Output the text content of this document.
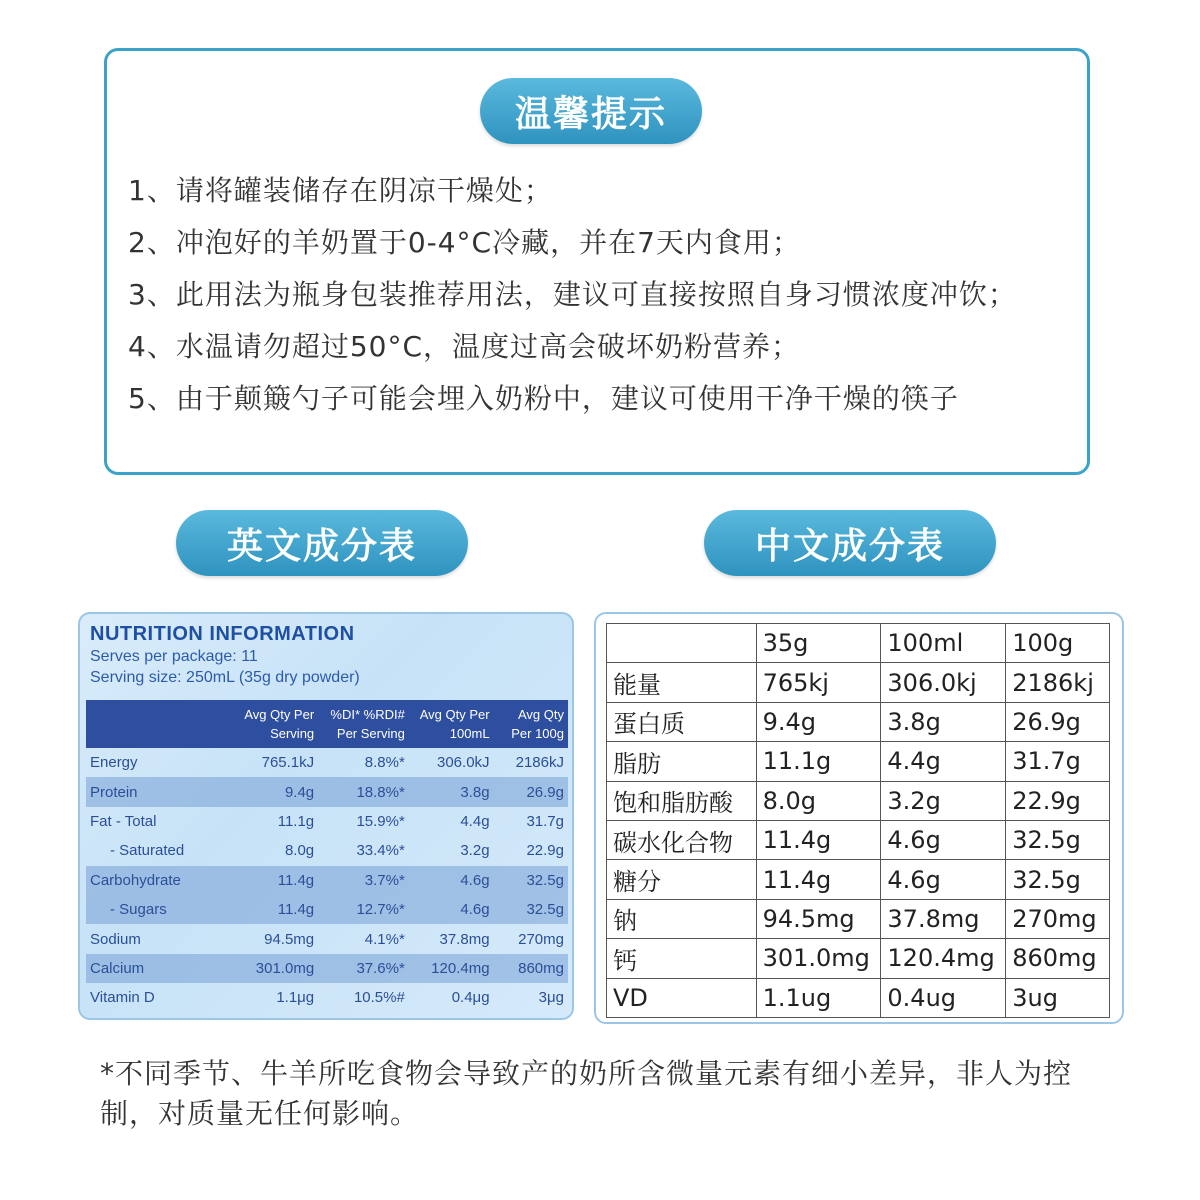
温馨提示
1、请将罐装储存在阴凉干燥处；
2、冲泡好的羊奶置于0-4°C冷藏，并在7天内食用；
3、此用法为瓶身包装推荐用法，建议可直接按照自身习惯浓度冲饮；
4、水温请勿超过50°C，温度过高会破坏奶粉营养；
5、由于颠簸勺子可能会埋入奶粉中，建议可使用干净干燥的筷子
英文成分表	中文成分表
NUTRITION INFORMATION
Serves per package: 11
Serving size: 250mL (35g dry powder)
	Avg Qty Per Serving	%DI* %RDI# Per Serving	Avg Qty Per 100mL	Avg Qty Per 100g
Energy	765.1kJ	8.8%*	306.0kJ	2186kJ
Protein	9.4g	18.8%*	3.8g	26.9g
Fat - Total	11.1g	15.9%*	4.4g	31.7g
- Saturated	8.0g	33.4%*	3.2g	22.9g
Carbohydrate	11.4g	3.7%*	4.6g	32.5g
- Sugars	11.4g	12.7%*	4.6g	32.5g
Sodium	94.5mg	4.1%*	37.8mg	270mg
Calcium	301.0mg	37.6%*	120.4mg	860mg
Vitamin D	1.1μg	10.5%#	0.4μg	3μg
	35g	100ml	100g
能量	765kj	306.0kj	2186kj
蛋白质	9.4g	3.8g	26.9g
脂肪	11.1g	4.4g	31.7g
饱和脂肪酸	8.0g	3.2g	22.9g
碳水化合物	11.4g	4.6g	32.5g
糖分	11.4g	4.6g	32.5g
钠	94.5mg	37.8mg	270mg
钙	301.0mg	120.4mg	860mg
VD	1.1ug	0.4ug	3ug
*不同季节、牛羊所吃食物会导致产的奶所含微量元素有细小差异，非人为控制，对质量无任何影响。
